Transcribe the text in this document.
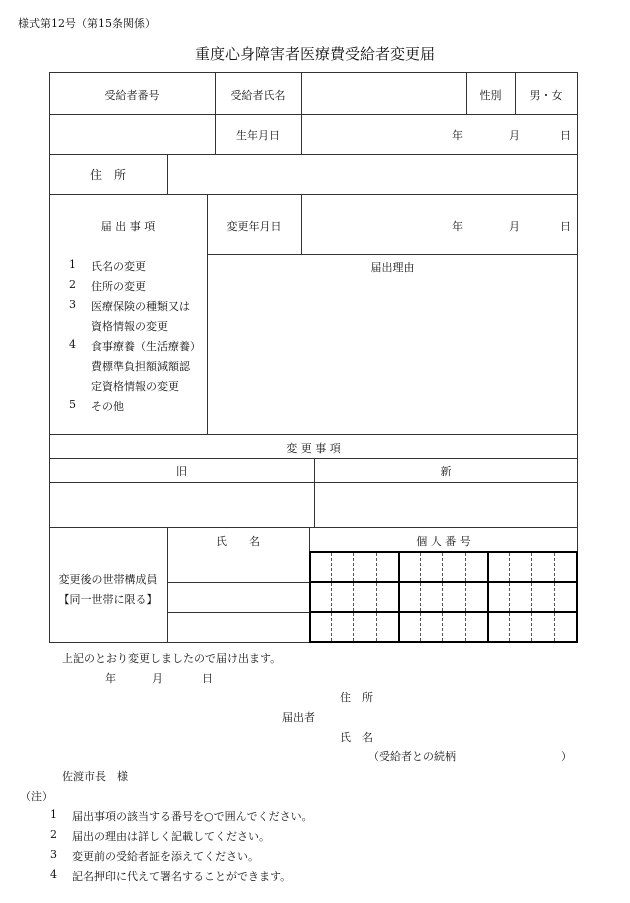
様式第12号（第15条関係）
重度心身障害者医療費受給者変更届
受給者番号	受給者氏名	性別	男・女
生年月日	年	月	日
住　所
届 出 事 項	変更年月日	年	月	日
届出理由
1 氏名の変更
2 住所の変更
3 医療保険の種類又は
資格情報の変更
4 食事療養（生活療養）
費標準負担額減額認
定資格情報の変更
5 その他
変 更 事 項
旧	新
氏　　名	個 人 番 号
変更後の世帯構成員
【同一世帯に限る】
上記のとおり変更しましたので届け出ます。
年	月	日
住　所
届出者
氏　名
（受給者との続柄	）
佐渡市長　様
（注）
1 届出事項の該当する番号を○で囲んでください。
2 届出の理由は詳しく記載してください。
3 変更前の受給者証を添えてください。
4 記名押印に代えて署名することができます。
